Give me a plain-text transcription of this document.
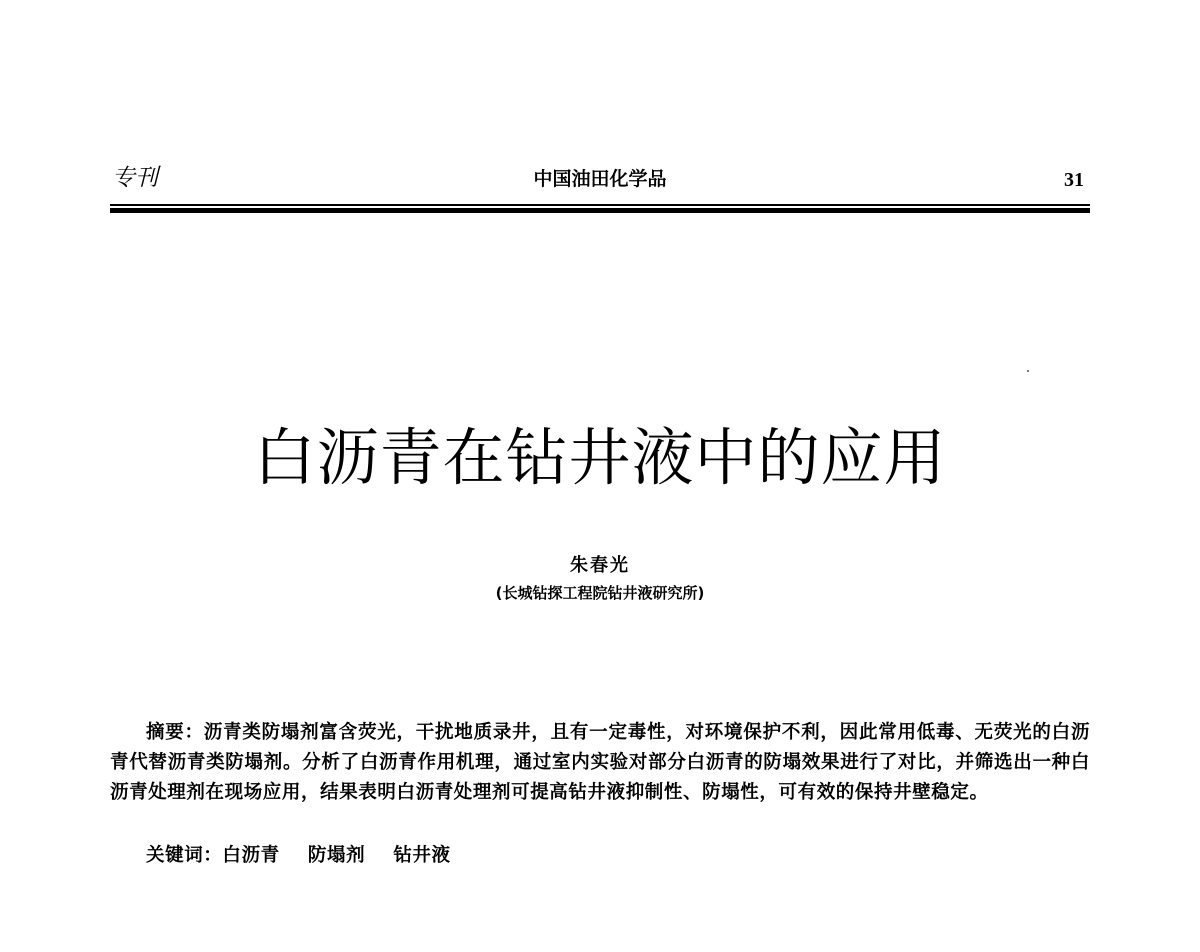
专刊	中国油田化学品	31
白沥青在钻井液中的应用
朱春光
(长城钻探工程院钻井液研究所)

摘要：沥青类防塌剂富含荧光，干扰地质录井，且有一定毒性，对环境保护不利，因此常用低毒、无荧光的白沥青代替沥青类防塌剂。分析了白沥青作用机理，通过室内实验对部分白沥青的防塌效果进行了对比，并筛选出一种白沥青处理剂在现场应用，结果表明白沥青处理剂可提高钻井液抑制性、防塌性，可有效的保持井壁稳定。

关键词：白沥青    防塌剂    钻井液
